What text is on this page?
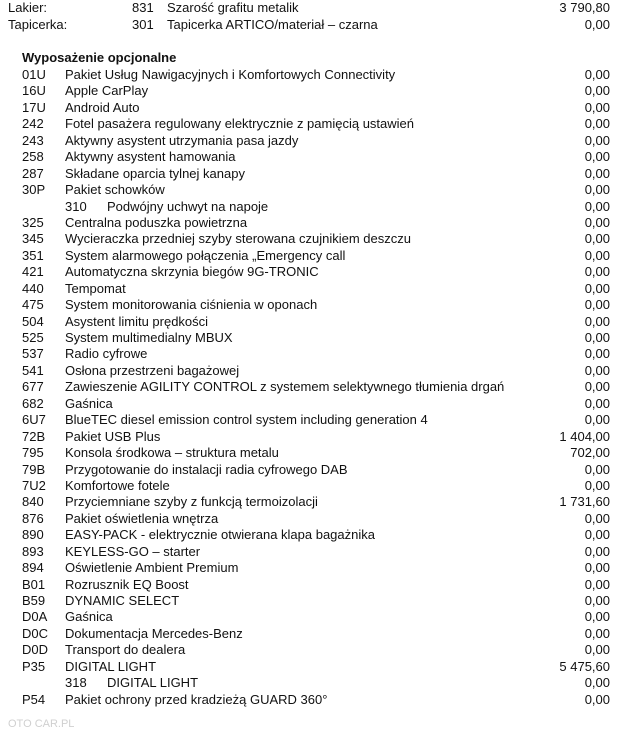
Lakier:	831 Szarość grafitu metalik	3 790,80
Tapicerka:	301 Tapicerka ARTICO/materiał – czarna	0,00
Wyposażenie opcjonalne
01U Pakiet Usług Nawigacyjnych i Komfortowych Connectivity	0,00
16U Apple CarPlay	0,00
17U Android Auto	0,00
242 Fotel pasażera regulowany elektrycznie z pamięcią ustawień	0,00
243 Aktywny asystent utrzymania pasa jazdy	0,00
258 Aktywny asystent hamowania	0,00
287 Składane oparcia tylnej kanapy	0,00
30P Pakiet schowków	0,00
310 Podwójny uchwyt na napoje	0,00
325 Centralna poduszka powietrzna	0,00
345 Wycieraczka przedniej szyby sterowana czujnikiem deszczu	0,00
351 System alarmowego połączenia „Emergency call	0,00
421 Automatyczna skrzynia biegów 9G-TRONIC	0,00
440 Tempomat	0,00
475 System monitorowania ciśnienia w oponach	0,00
504 Asystent limitu prędkości	0,00
525 System multimedialny MBUX	0,00
537 Radio cyfrowe	0,00
541 Osłona przestrzeni bagażowej	0,00
677 Zawieszenie AGILITY CONTROL z systemem selektywnego tłumienia drgań	0,00
682 Gaśnica	0,00
6U7 BlueTEC diesel emission control system including generation 4	0,00
72B Pakiet USB Plus	1 404,00
795 Konsola środkowa – struktura metalu	702,00
79B Przygotowanie do instalacji radia cyfrowego DAB	0,00
7U2 Komfortowe fotele	0,00
840 Przyciemniane szyby z funkcją termoizolacji	1 731,60
876 Pakiet oświetlenia wnętrza	0,00
890 EASY-PACK - elektrycznie otwierana klapa bagażnika	0,00
893 KEYLESS-GO – starter	0,00
894 Oświetlenie Ambient Premium	0,00
B01 Rozrusznik EQ Boost	0,00
B59 DYNAMIC SELECT	0,00
D0A Gaśnica	0,00
D0C Dokumentacja Mercedes-Benz	0,00
D0D Transport do dealera	0,00
P35 DIGITAL LIGHT	5 475,60
318 DIGITAL LIGHT	0,00
P54 Pakiet ochrony przed kradzieżą GUARD 360°	0,00
OTO CAR.PL
